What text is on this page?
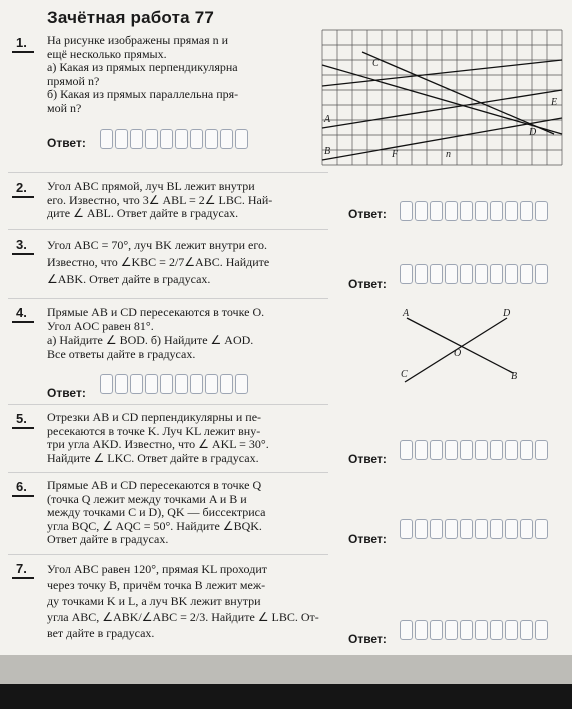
Зачётная работа 77
1. На рисунке изображены прямая n и
ещё несколько прямых.
а) Какая из прямых перпендикулярна
прямой n?
б) Какая из прямых параллельна пря-
мой n?
Ответ:
C
E
A
D
B	F	n
2. Угол ABC прямой, луч BL лежит внутри
его. Известно, что 3∠ ABL = 2∠ LBC. Най-
дите ∠ ABL. Ответ дайте в градусах.	Ответ:
3. Угол ABC = 70°, луч BK лежит внутри его.
Известно, что ∠KBC = 2/7∠ABC. Найдите
∠ABK. Ответ дайте в градусах.	Ответ:
4. Прямые AB и CD пересекаются в точке O.
Угол AOC равен 81°.
а) Найдите ∠ BOD. б) Найдите ∠ AOD.
Все ответы дайте в градусах.
Ответ:
A	D
O
C	B
5. Отрезки AB и CD перпендикулярны и пе-
ресекаются в точке K. Луч KL лежит вну-
три угла AKD. Известно, что ∠ AKL = 30°.
Найдите ∠ LKC. Ответ дайте в градусах.	Ответ:
6. Прямые AB и CD пересекаются в точке Q
(точка Q лежит между точками A и B и
между точками C и D), QK — биссектриса
угла BQC, ∠ AQC = 50°. Найдите ∠BQK.
Ответ дайте в градусах.	Ответ:
7. Угол ABC равен 120°, прямая KL проходит
через точку B, причём точка B лежит меж-
ду точками K и L, а луч BK лежит внутри
угла ABC, ∠ABK/∠ABC = 2/3. Найдите ∠ LBC. От-
вет дайте в градусах.	Ответ:
